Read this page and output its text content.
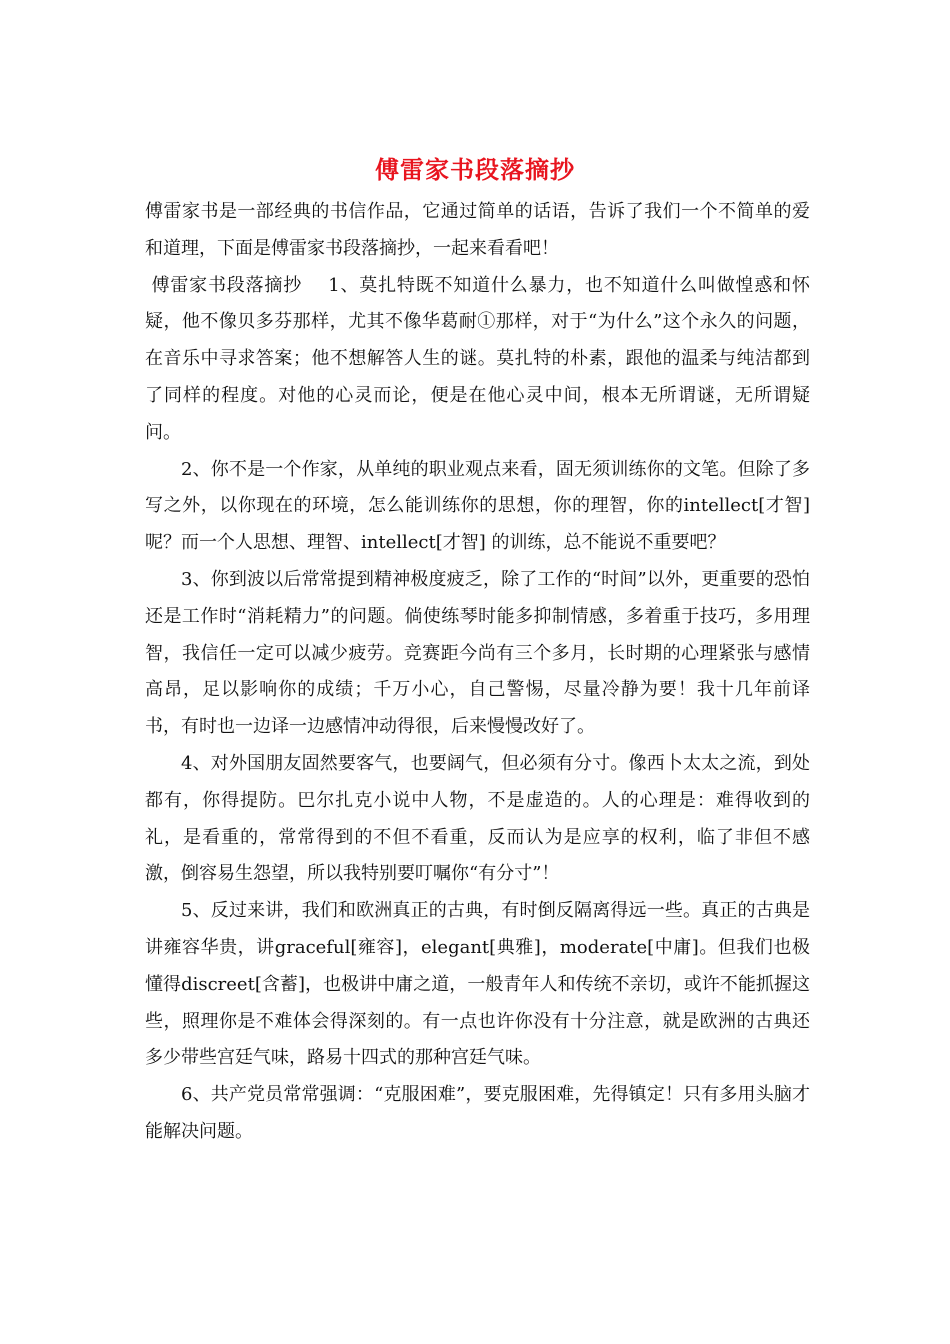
傅雷家书段落摘抄

傅雷家书是一部经典的书信作品，它通过简单的话语，告诉了我们一个不简单的爱和道理，下面是傅雷家书段落摘抄，一起来看看吧！

傅雷家书段落摘抄    1、莫扎特既不知道什么暴力，也不知道什么叫做惶惑和怀疑，他不像贝多芬那样，尤其不像华葛耐①那样，对于“为什么”这个永久的问题，在音乐中寻求答案；他不想解答人生的谜。莫扎特的朴素，跟他的温柔与纯洁都到了同样的程度。对他的心灵而论，便是在他心灵中间，根本无所谓谜，无所谓疑问。

2、你不是一个作家，从单纯的职业观点来看，固无须训练你的文笔。但除了多写之外，以你现在的环境，怎么能训练你的思想，你的理智，你的intellect[才智]呢？而一个人思想、理智、intellect[才智] 的训练，总不能说不重要吧？

3、你到波以后常常提到精神极度疲乏，除了工作的“时间”以外，更重要的恐怕还是工作时“消耗精力”的问题。倘使练琴时能多抑制情感，多着重于技巧，多用理智，我信任一定可以减少疲劳。竞赛距今尚有三个多月，长时期的心理紧张与感情高昂，足以影响你的成绩；千万小心，自己警惕，尽量冷静为要！我十几年前译书，有时也一边译一边感情冲动得很，后来慢慢改好了。

4、对外国朋友固然要客气，也要阔气，但必须有分寸。像西卜太太之流，到处都有，你得提防。巴尔扎克小说中人物，不是虚造的。人的心理是：难得收到的礼，是看重的，常常得到的不但不看重，反而认为是应享的权利，临了非但不感激，倒容易生怨望，所以我特别要叮嘱你“有分寸”！

5、反过来讲，我们和欧洲真正的古典，有时倒反隔离得远一些。真正的古典是讲雍容华贵，讲graceful[雍容]，elegant[典雅]，moderate[中庸]。但我们也极懂得discreet[含蓄]，也极讲中庸之道，一般青年人和传统不亲切，或许不能抓握这些，照理你是不难体会得深刻的。有一点也许你没有十分注意，就是欧洲的古典还多少带些宫廷气味，路易十四式的那种宫廷气味。

6、共产党员常常强调：“克服困难”，要克服困难，先得镇定！只有多用头脑才能解决问题。
